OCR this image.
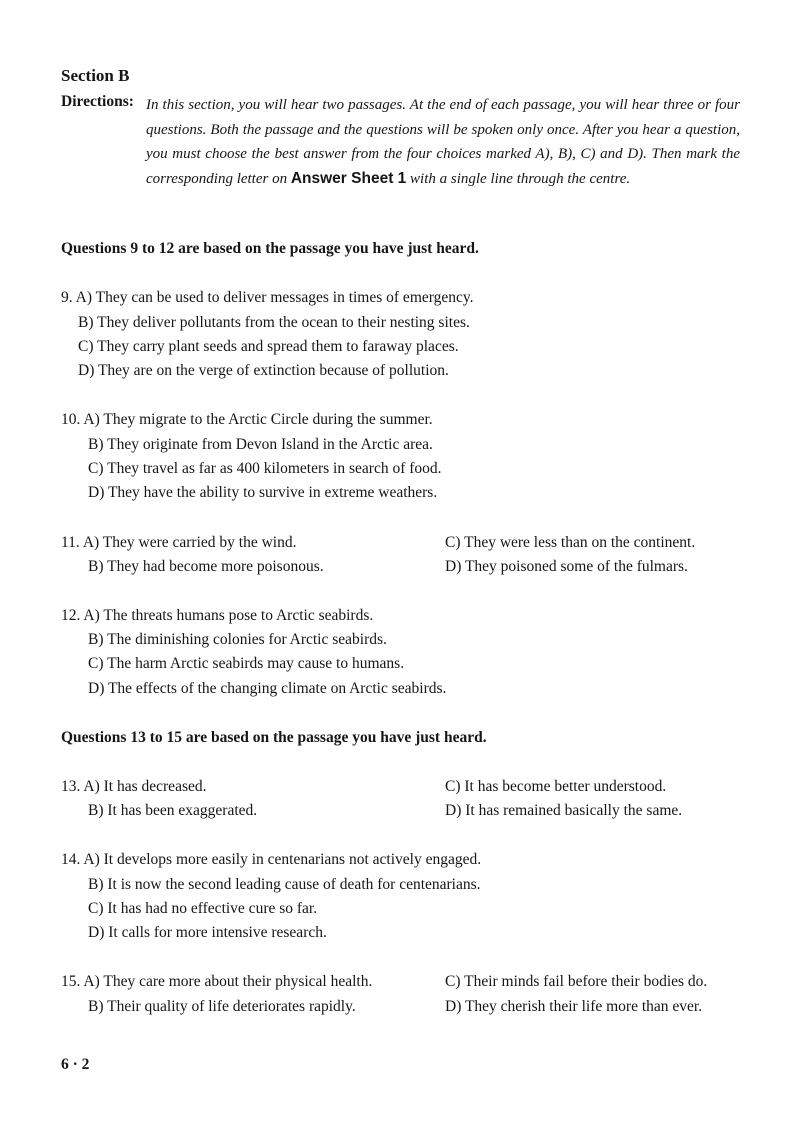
Section B
Directions: In this section, you will hear two passages. At the end of each passage, you will hear three or four questions. Both the passage and the questions will be spoken only once. After you hear a question, you must choose the best answer from the four choices marked A), B), C) and D). Then mark the corresponding letter on Answer Sheet 1 with a single line through the centre.
Questions 9 to 12 are based on the passage you have just heard.
9. A) They can be used to deliver messages in times of emergency.
B) They deliver pollutants from the ocean to their nesting sites.
C) They carry plant seeds and spread them to faraway places.
D) They are on the verge of extinction because of pollution.
10. A) They migrate to the Arctic Circle during the summer.
B) They originate from Devon Island in the Arctic area.
C) They travel as far as 400 kilometers in search of food.
D) They have the ability to survive in extreme weathers.
11. A) They were carried by the wind.
B) They had become more poisonous.
C) They were less than on the continent.
D) They poisoned some of the fulmars.
12. A) The threats humans pose to Arctic seabirds.
B) The diminishing colonies for Arctic seabirds.
C) The harm Arctic seabirds may cause to humans.
D) The effects of the changing climate on Arctic seabirds.
Questions 13 to 15 are based on the passage you have just heard.
13. A) It has decreased.
B) It has been exaggerated.
C) It has become better understood.
D) It has remained basically the same.
14. A) It develops more easily in centenarians not actively engaged.
B) It is now the second leading cause of death for centenarians.
C) It has had no effective cure so far.
D) It calls for more intensive research.
15. A) They care more about their physical health.
B) Their quality of life deteriorates rapidly.
C) Their minds fail before their bodies do.
D) They cherish their life more than ever.
6 · 2
